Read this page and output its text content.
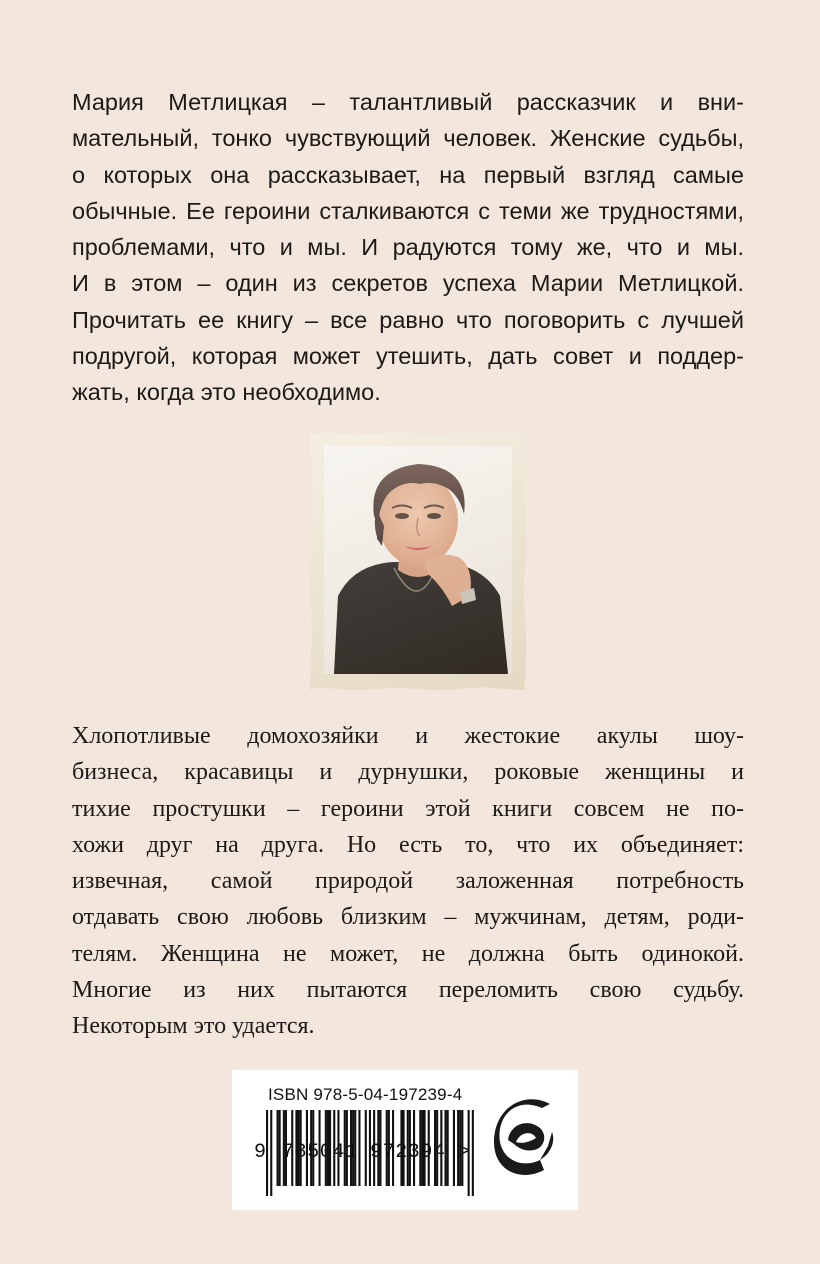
Мария Метлицкая – талантливый рассказчик и вни-
мательный, тонко чувствующий человек. Женские судьбы,
о которых она рассказывает, на первый взгляд самые
обычные. Ее героини сталкиваются с теми же трудностями,
проблемами, что и мы. И радуются тому же, что и мы.
И в этом – один из секретов успеха Марии Метлицкой.
Прочитать ее книгу – все равно что поговорить с лучшей
подругой, которая может утешить, дать совет и поддер-
жать, когда это необходимо.

Хлопотливые домохозяйки и жестокие акулы шоу-
бизнеса, красавицы и дурнушки, роковые женщины и
тихие простушки – героини этой книги совсем не по-
хожи друг на друга. Но есть то, что их объединяет:
извечная, самой природой заложенная потребность
отдавать свою любовь близким – мужчинам, детям, роди-
телям. Женщина не может, не должна быть одинокой.
Многие из них пытаются переломить свою судьбу.
Некоторым это удается.

ISBN 978-5-04-197239-4
9 785041 972394 >
